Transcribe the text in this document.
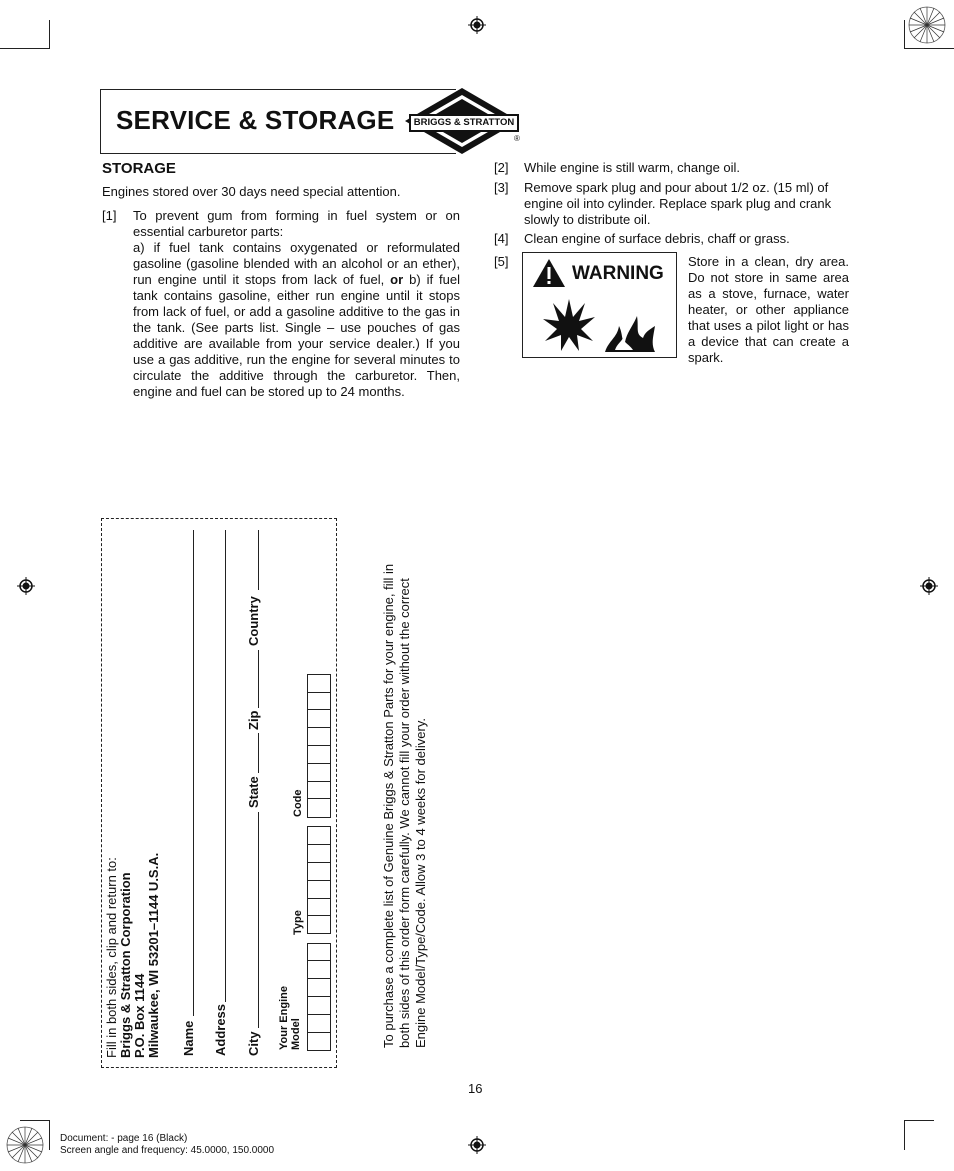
SERVICE & STORAGE	BRIGGS & STRATTON
®
STORAGE
Engines stored over 30 days need special attention.
[1] To prevent gum from forming in fuel system or on essential carburetor parts:
a) if fuel tank contains oxygenated or reformulated gasoline (gasoline blended with an alcohol or an ether), run engine until it stops from lack of fuel, or b) if fuel tank contains gasoline, either run engine until it stops from lack of fuel, or add a gasoline additive to the gas in the tank. (See parts list. Single – use pouches of gas additive are available from your service dealer.) If you use a gas additive, run the engine for several minutes to circulate the additive through the carburetor. Then, engine and fuel can be stored up to 24 months.
[2] While engine is still warm, change oil.
[3] Remove spark plug and pour about 1/2 oz. (15 ml) of engine oil into cylinder. Replace spark plug and crank slowly to distribute oil.
[4] Clean engine of surface debris, chaff or grass.
[5]
WARNING
Store in a clean, dry area. Do not store in same area as a stove, furnace, water heater, or other appliance that uses a pilot light or has a device that can create a spark.
Fill in both sides, clip and return to: Briggs & Stratton Corporation P.O. Box 1144 Milwaukee, WI 53201–1144 U.S.A. Name Address City
State
Zip
Country
Your Engine Model
Type
Code	To purchase a complete list of Genuine Briggs & Stratton Parts for your engine, fill in both sides of this order form carefully. We cannot fill your order without the correct Engine Model/Type/Code. Allow 3 to 4 weeks for delivery.
16
Document: - page 16 (Black)
Screen angle and frequency: 45.0000, 150.0000
